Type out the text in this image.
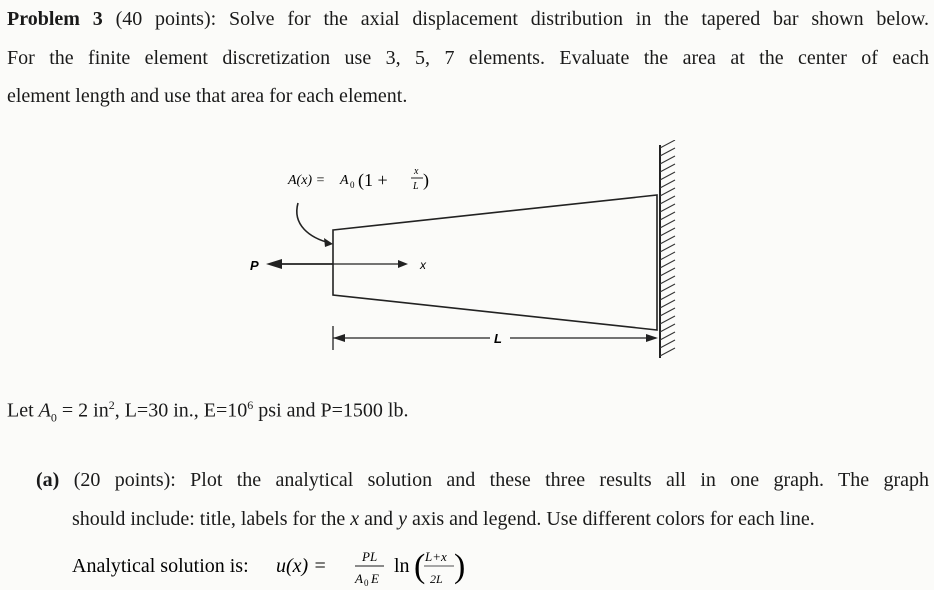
Problem 3 (40 points): Solve for the axial displacement distribution in the tapered bar shown below.
For the finite element discretization use 3, 5, 7 elements. Evaluate the area at the center of each
element length and use that area for each element.
A(x) = A 0 (1 +	x
L )
P	x
L
Let $A_0 = 2$ $in^2$, L=30 in., $E=10^6$ psi and P=1500 lb.
(a) (20 points): Plot the analytical solution and these three results all in one graph. The graph
should include: title, labels for the x and y axis and legend. Use different colors for each line.
Analytical solution is: u(x) =	PL
A 0 E
ln ( L+x
2L )
